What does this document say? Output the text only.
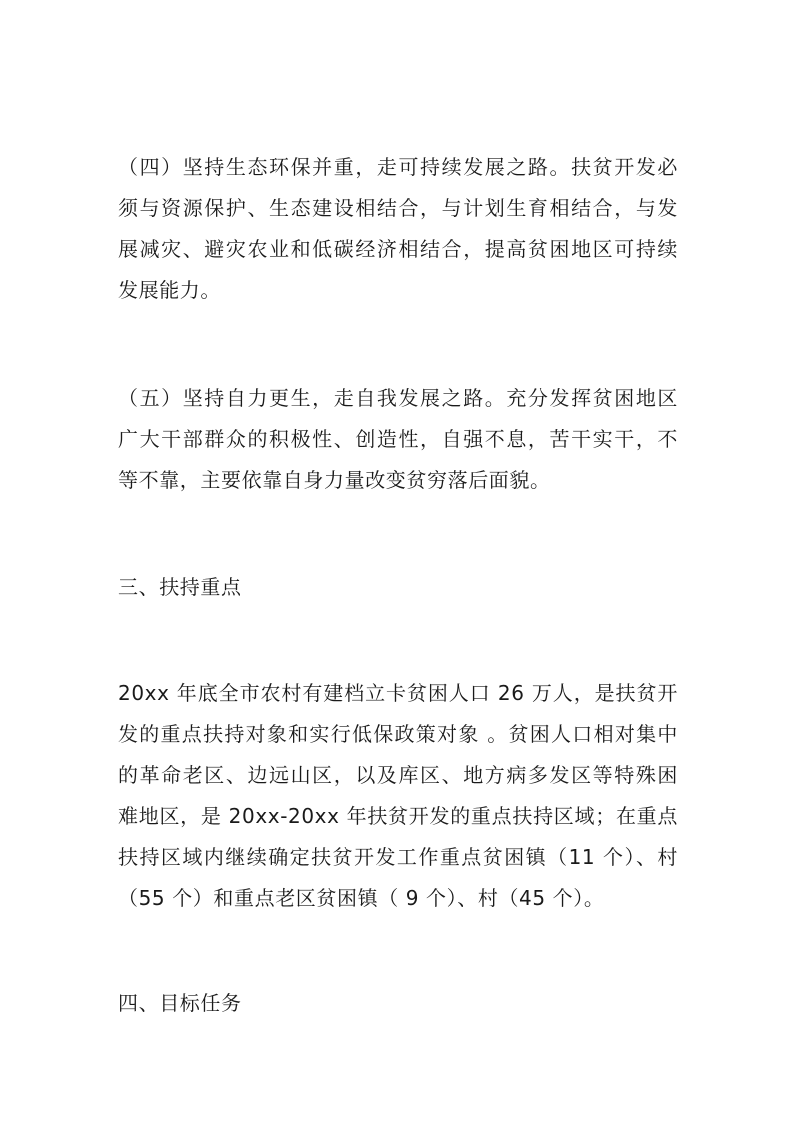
（四）坚持生态环保并重，走可持续发展之路。扶贫开发必
须与资源保护、生态建设相结合，与计划生育相结合，与发
展减灾、避灾农业和低碳经济相结合，提高贫困地区可持续
发展能力。
（五）坚持自力更生，走自我发展之路。充分发挥贫困地区
广大干部群众的积极性、创造性，自强不息，苦干实干，不
等不靠，主要依靠自身力量改变贫穷落后面貌。
三、扶持重点
20xx 年底全市农村有建档立卡贫困人口 26 万人，是扶贫开
发的重点扶持对象和实行低保政策对象 。贫困人口相对集中
的革命老区、边远山区，以及库区、地方病多发区等特殊困
难地区，是 20xx-20xx 年扶贫开发的重点扶持区域；在重点
扶持区域内继续确定扶贫开发工作重点贫困镇（11 个）、村
（55 个）和重点老区贫困镇（ 9 个）、村（45 个）。
四、目标任务
